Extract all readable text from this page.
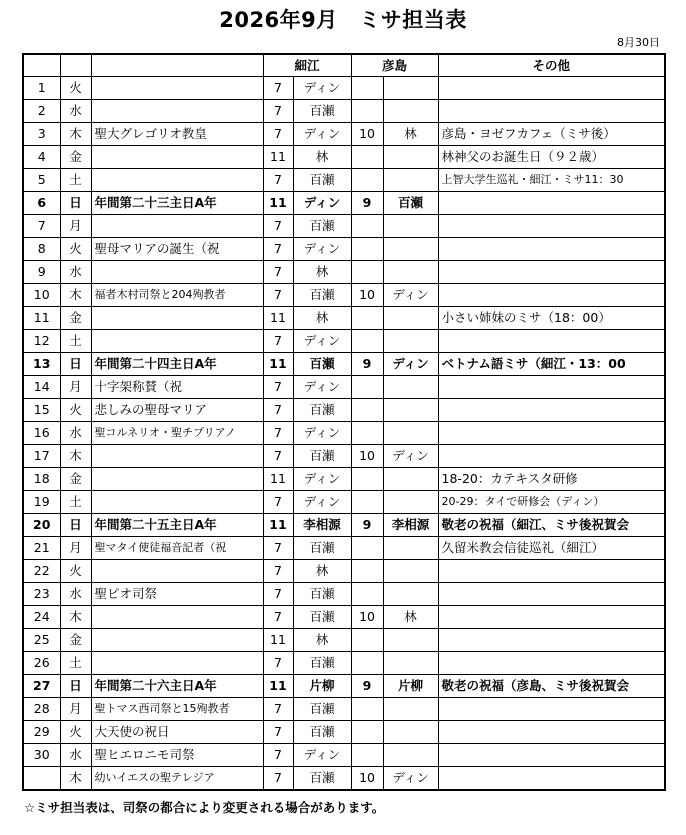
2026年9月　ミサ担当表
8月30日
			細江		彦島		その他
1	火		7	ディン			
2	水		7	百瀬			
3	木	聖大グレゴリオ教皇	7	ディン	10	林	彦島・ヨゼフカフェ（ミサ後）
4	金		11	林			林神父のお誕生日（９２歳）
5	土		7	百瀬			上智大学生巡礼・細江・ミサ11：30
6	日	年間第二十三主日A年	11	ディン	9	百瀬	
7	月		7	百瀬			
8	火	聖母マリアの誕生（祝	7	ディン			
9	水		7	林			
10	木	福者木村司祭と204殉教者	7	百瀬	10	ディン	
11	金		11	林			小さい姉妹のミサ（18：00）
12	土		7	ディン			
13	日	年間第二十四主日A年	11	百瀬	9	ディン	ベトナム語ミサ（細江・13：00
14	月	十字架称賛（祝	7	ディン			
15	火	悲しみの聖母マリア	7	百瀬			
16	水	聖コルネリオ・聖チプリアノ	7	ディン			
17	木		7	百瀬	10	ディン	
18	金		11	ディン			18-20：カテキスタ研修
19	土		7	ディン			20-29：タイで研修会（ディン）
20	日	年間第二十五主日A年	11	李相源	9	李相源	敬老の祝福（細江、ミサ後祝賀会
21	月	聖マタイ使徒福音記者（祝	7	百瀬			久留米教会信徒巡礼（細江）
22	火		7	林			
23	水	聖ピオ司祭	7	百瀬			
24	木		7	百瀬	10	林	
25	金		11	林			
26	土		7	百瀬			
27	日	年間第二十六主日A年	11	片柳	9	片柳	敬老の祝福（彦島、ミサ後祝賀会
28	月	聖トマス西司祭と15殉教者	7	百瀬			
29	火	大天使の祝日	7	百瀬			
30	水	聖ヒエロニモ司祭	7	ディン			
	木	幼いイエスの聖テレジア	7	百瀬	10	ディン	
☆ミサ担当表は、司祭の都合により変更される場合があります。
